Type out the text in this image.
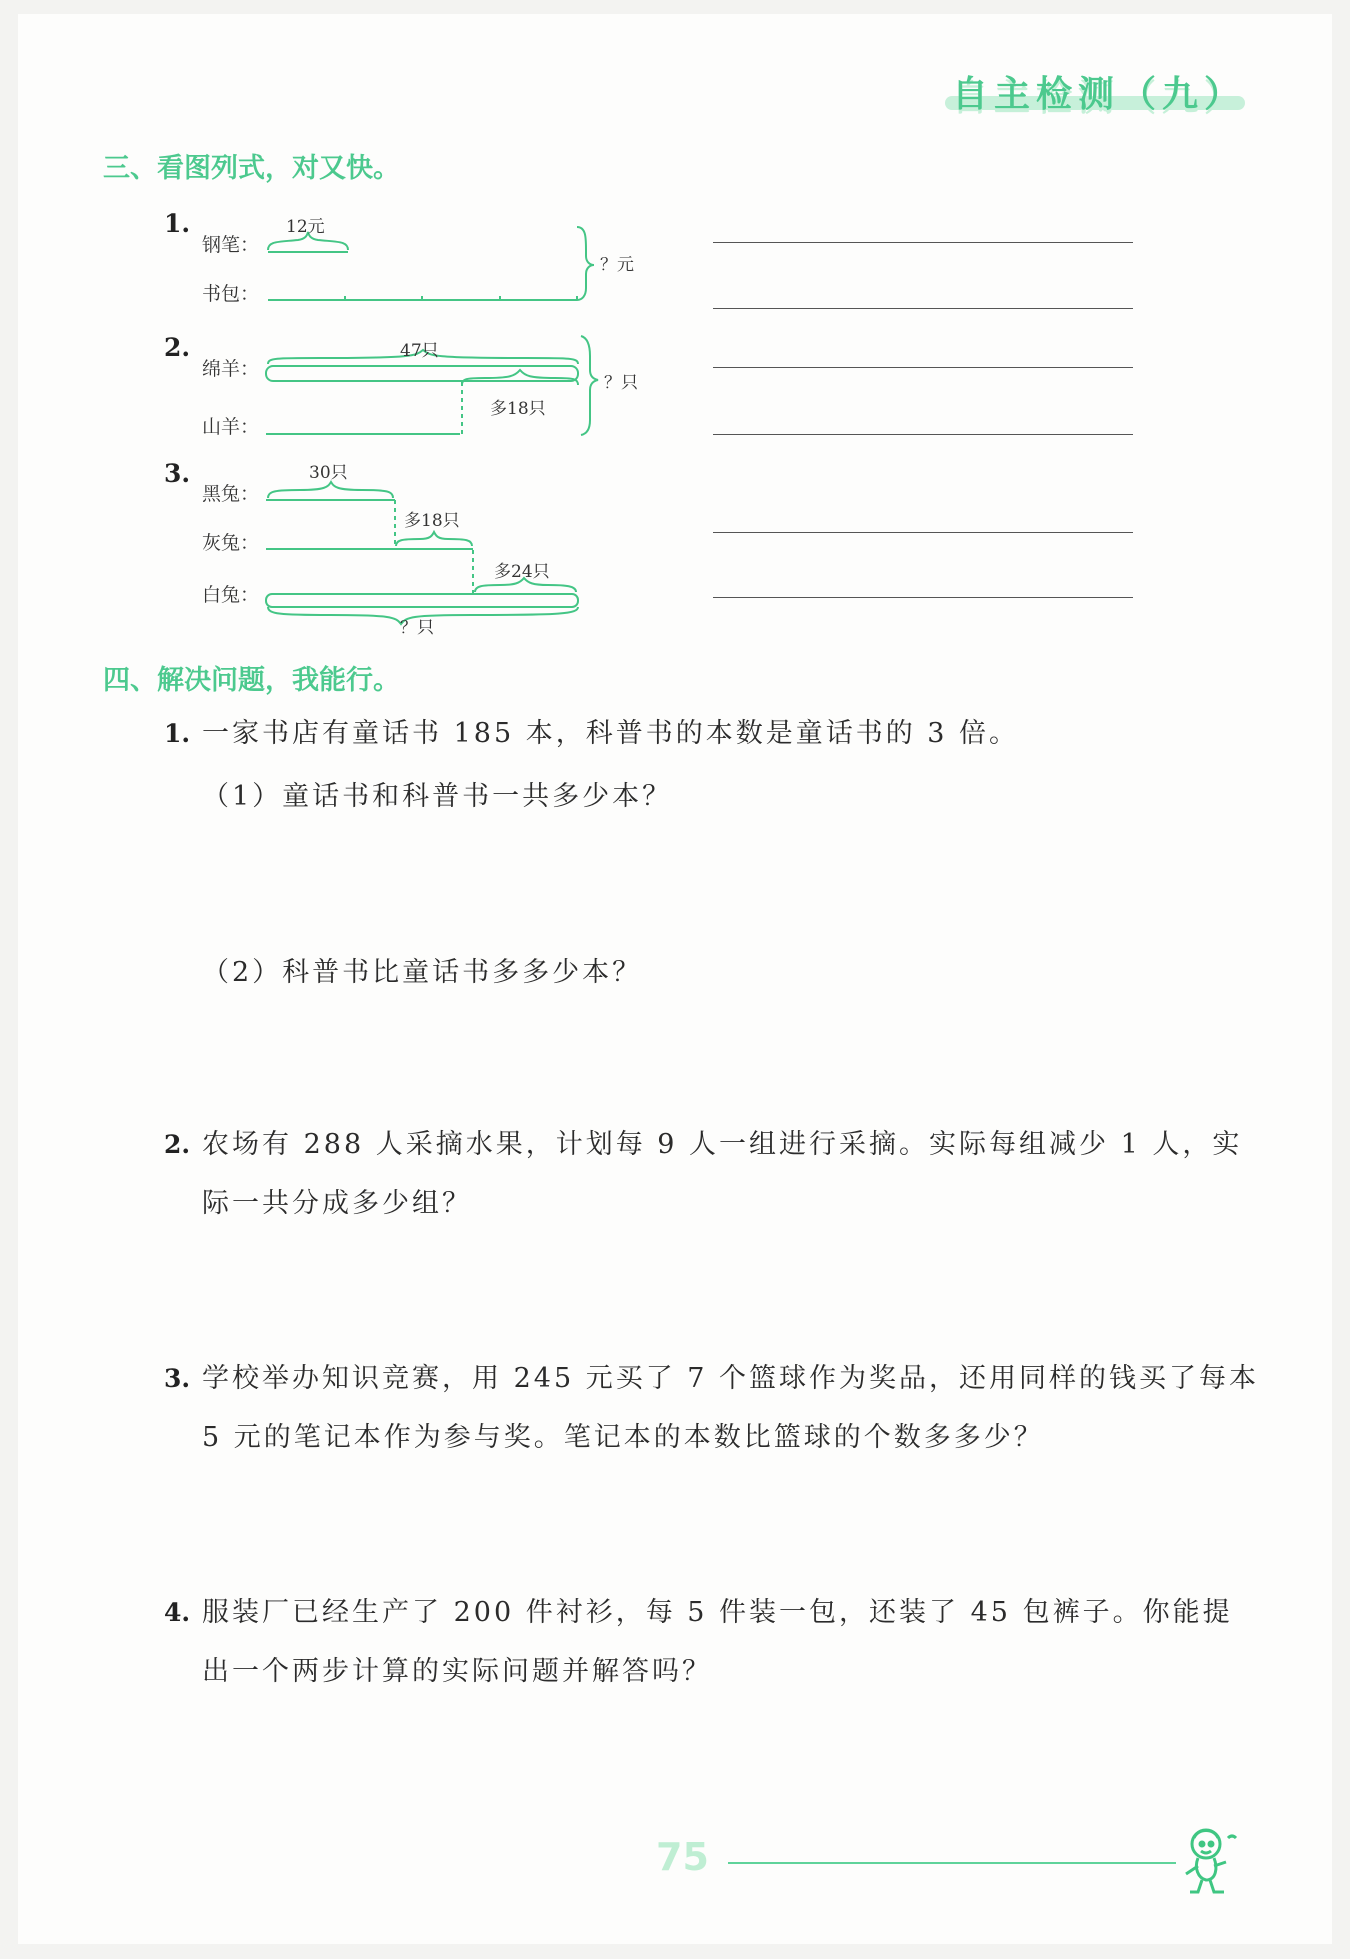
自主检测（九）
三、看图列式，对又快。
1.
钢笔：
书包：
12元
？元
2.
绵羊：
山羊：
47只
多18只
？只
3.
黑兔：
灰兔：
白兔：
30只
多18只
多24只
？只
四、解决问题，我能行。
1. 一家书店有童话书 185 本，科普书的本数是童话书的 3 倍。
（1）童话书和科普书一共多少本？
（2）科普书比童话书多多少本？
2. 农场有 288 人采摘水果，计划每 9 人一组进行采摘。实际每组减少 1 人，实际一共分成多少组？
3. 学校举办知识竞赛，用 245 元买了 7 个篮球作为奖品，还用同样的钱买了每本 5 元的笔记本作为参与奖。笔记本的本数比篮球的个数多多少？
4. 服装厂已经生产了 200 件衬衫，每 5 件装一包，还装了 45 包裤子。你能提出一个两步计算的实际问题并解答吗？
75
